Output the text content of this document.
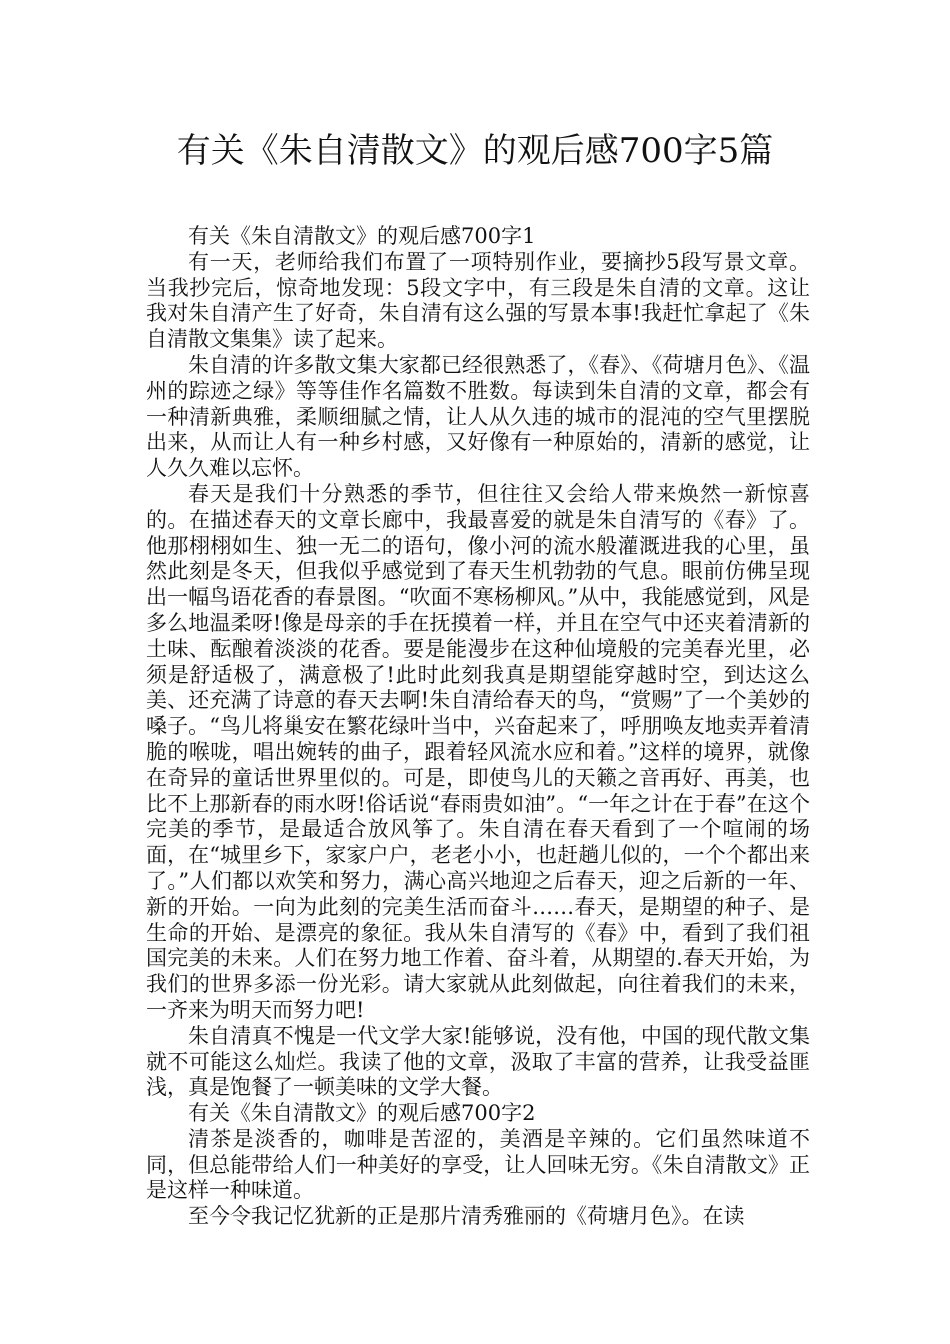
有关《朱自清散文》的观后感700字5篇

有关《朱自清散文》的观后感700字1

有一天，老师给我们布置了一项特别作业，要摘抄5段写景文章。当我抄完后，惊奇地发现：5段文字中，有三段是朱自清的文章。这让我对朱自清产生了好奇，朱自清有这么强的写景本事!我赶忙拿起了《朱自清散文集集》读了起来。

朱自清的许多散文集大家都已经很熟悉了，《春》、《荷塘月色》、《温州的踪迹之绿》等等佳作名篇数不胜数。每读到朱自清的文章，都会有一种清新典雅，柔顺细腻之情，让人从久违的城市的混沌的空气里摆脱出来，从而让人有一种乡村感，又好像有一种原始的，清新的感觉，让人久久难以忘怀。

春天是我们十分熟悉的季节，但往往又会给人带来焕然一新惊喜的。在描述春天的文章长廊中，我最喜爱的就是朱自清写的《春》了。他那栩栩如生、独一无二的语句，像小河的流水般灌溉进我的心里，虽然此刻是冬天，但我似乎感觉到了春天生机勃勃的气息。眼前仿佛呈现出一幅鸟语花香的春景图。“吹面不寒杨柳风。”从中，我能感觉到，风是多么地温柔呀!像是母亲的手在抚摸着一样，并且在空气中还夹着清新的土味、酝酿着淡淡的花香。要是能漫步在这种仙境般的完美春光里，必须是舒适极了，满意极了!此时此刻我真是期望能穿越时空，到达这么美、还充满了诗意的春天去啊!朱自清给春天的鸟，“赏赐”了一个美妙的嗓子。“鸟儿将巢安在繁花绿叶当中，兴奋起来了，呼朋唤友地卖弄着清脆的喉咙，唱出婉转的曲子，跟着轻风流水应和着。”这样的境界，就像在奇异的童话世界里似的。可是，即使鸟儿的天籁之音再好、再美，也比不上那新春的雨水呀!俗话说“春雨贵如油”。“一年之计在于春”在这个完美的季节，是最适合放风筝了。朱自清在春天看到了一个喧闹的场面，在“城里乡下，家家户户，老老小小，也赶趟儿似的，一个个都出来了。”人们都以欢笑和努力，满心高兴地迎之后春天，迎之后新的一年、新的开始。一向为此刻的完美生活而奋斗……春天，是期望的种子、是生命的开始、是漂亮的象征。我从朱自清写的《春》中，看到了我们祖国完美的未来。人们在努力地工作着、奋斗着，从期望的.春天开始，为我们的世界多添一份光彩。请大家就从此刻做起，向往着我们的未来，一齐来为明天而努力吧!

朱自清真不愧是一代文学大家!能够说，没有他，中国的现代散文集就不可能这么灿烂。我读了他的文章，汲取了丰富的营养，让我受益匪浅，真是饱餐了一顿美味的文学大餐。

有关《朱自清散文》的观后感700字2

清茶是淡香的，咖啡是苦涩的，美酒是辛辣的。它们虽然味道不同，但总能带给人们一种美好的享受，让人回味无穷。《朱自清散文》正是这样一种味道。

至今令我记忆犹新的正是那片清秀雅丽的《荷塘月色》。在读
